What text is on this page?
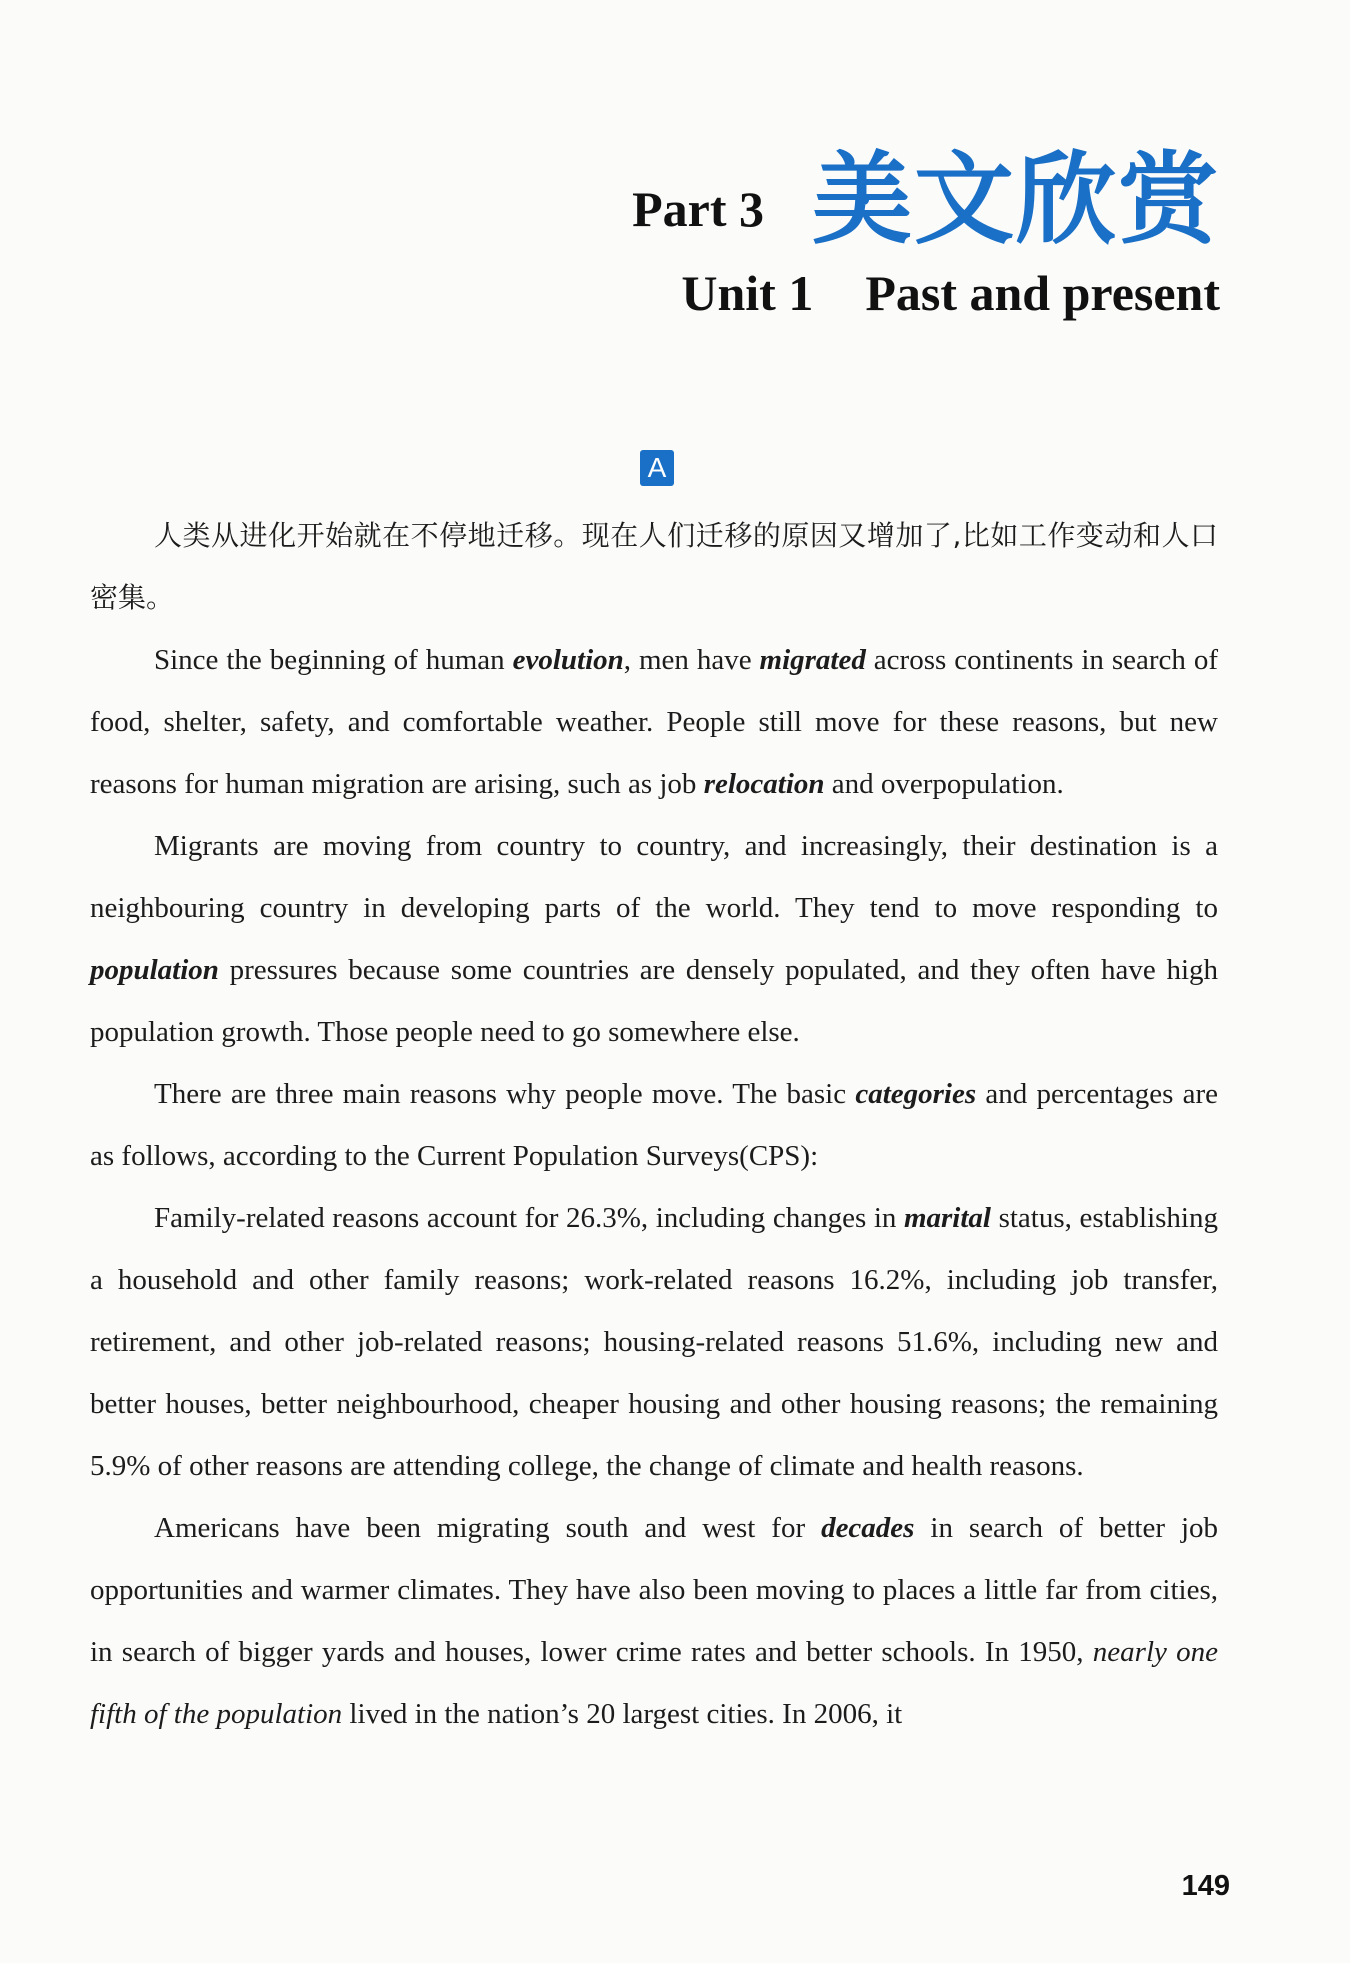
Part 3 美文欣赏
Unit 1 Past and present
A

人类从进化开始就在不停地迁移。现在人们迁移的原因又增加了,比如工作变动和人口密集。

Since the beginning of human evolution, men have migrated across continents in search of food, shelter, safety, and comfortable weather. People still move for these reasons, but new reasons for human migration are arising, such as job relocation and overpopulation.

Migrants are moving from country to country, and increasingly, their destination is a neighbouring country in developing parts of the world. They tend to move responding to population pressures because some countries are densely populated, and they often have high population growth. Those people need to go somewhere else.

There are three main reasons why people move. The basic categories and percentages are as follows, according to the Current Population Surveys(CPS):

Family-related reasons account for 26.3%, including changes in marital status, establishing a household and other family reasons; work-related reasons 16.2%, including job transfer, retirement, and other job-related reasons; housing-related reasons 51.6%, including new and better houses, better neighbourhood, cheaper housing and other housing reasons; the remaining 5.9% of other reasons are attending college, the change of climate and health reasons.

Americans have been migrating south and west for decades in search of better job opportunities and warmer climates. They have also been moving to places a little far from cities, in search of bigger yards and houses, lower crime rates and better schools. In 1950, nearly one fifth of the population lived in the nation’s 20 largest cities. In 2006, it

149
